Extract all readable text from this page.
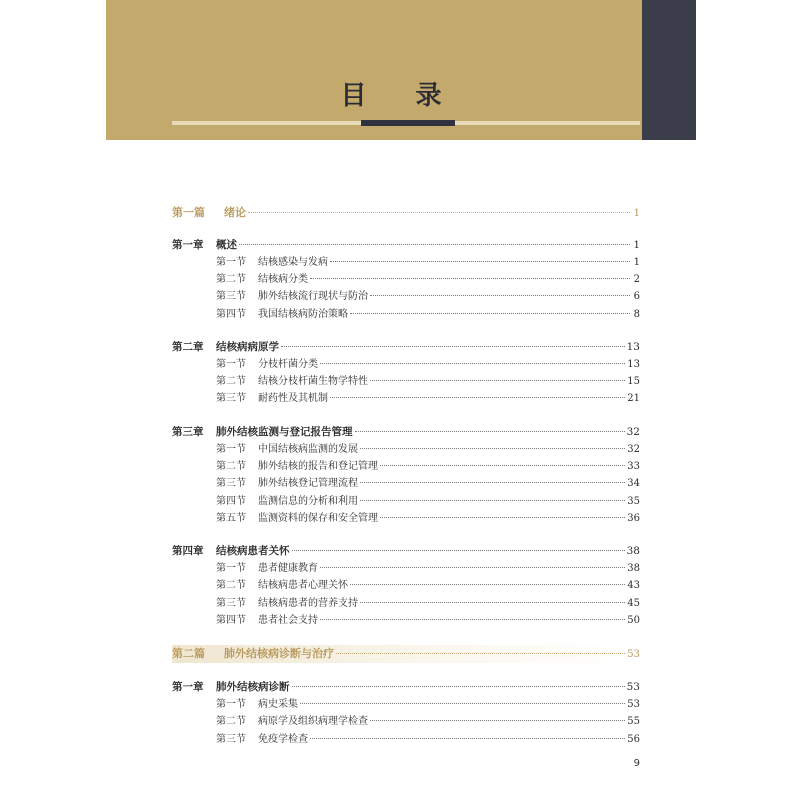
目 录
第一篇	绪论	1
第一章	概述	1
第一节	结核感染与发病	1
第二节	结核病分类	2
第三节	肺外结核流行现状与防治	6
第四节	我国结核病防治策略	8
第二章	结核病病原学	13
第一节	分枝杆菌分类	13
第二节	结核分枝杆菌生物学特性	15
第三节	耐药性及其机制	21
第三章	肺外结核监测与登记报告管理	32
第一节	中国结核病监测的发展	32
第二节	肺外结核的报告和登记管理	33
第三节	肺外结核登记管理流程	34
第四节	监测信息的分析和利用	35
第五节	监测资料的保存和安全管理	36
第四章	结核病患者关怀	38
第一节	患者健康教育	38
第二节	结核病患者心理关怀	43
第三节	结核病患者的营养支持	45
第四节	患者社会支持	50
第二篇	肺外结核病诊断与治疗	53
第一章	肺外结核病诊断	53
第一节	病史采集	53
第二节	病原学及组织病理学检查	55
第三节	免疫学检查	56
9
